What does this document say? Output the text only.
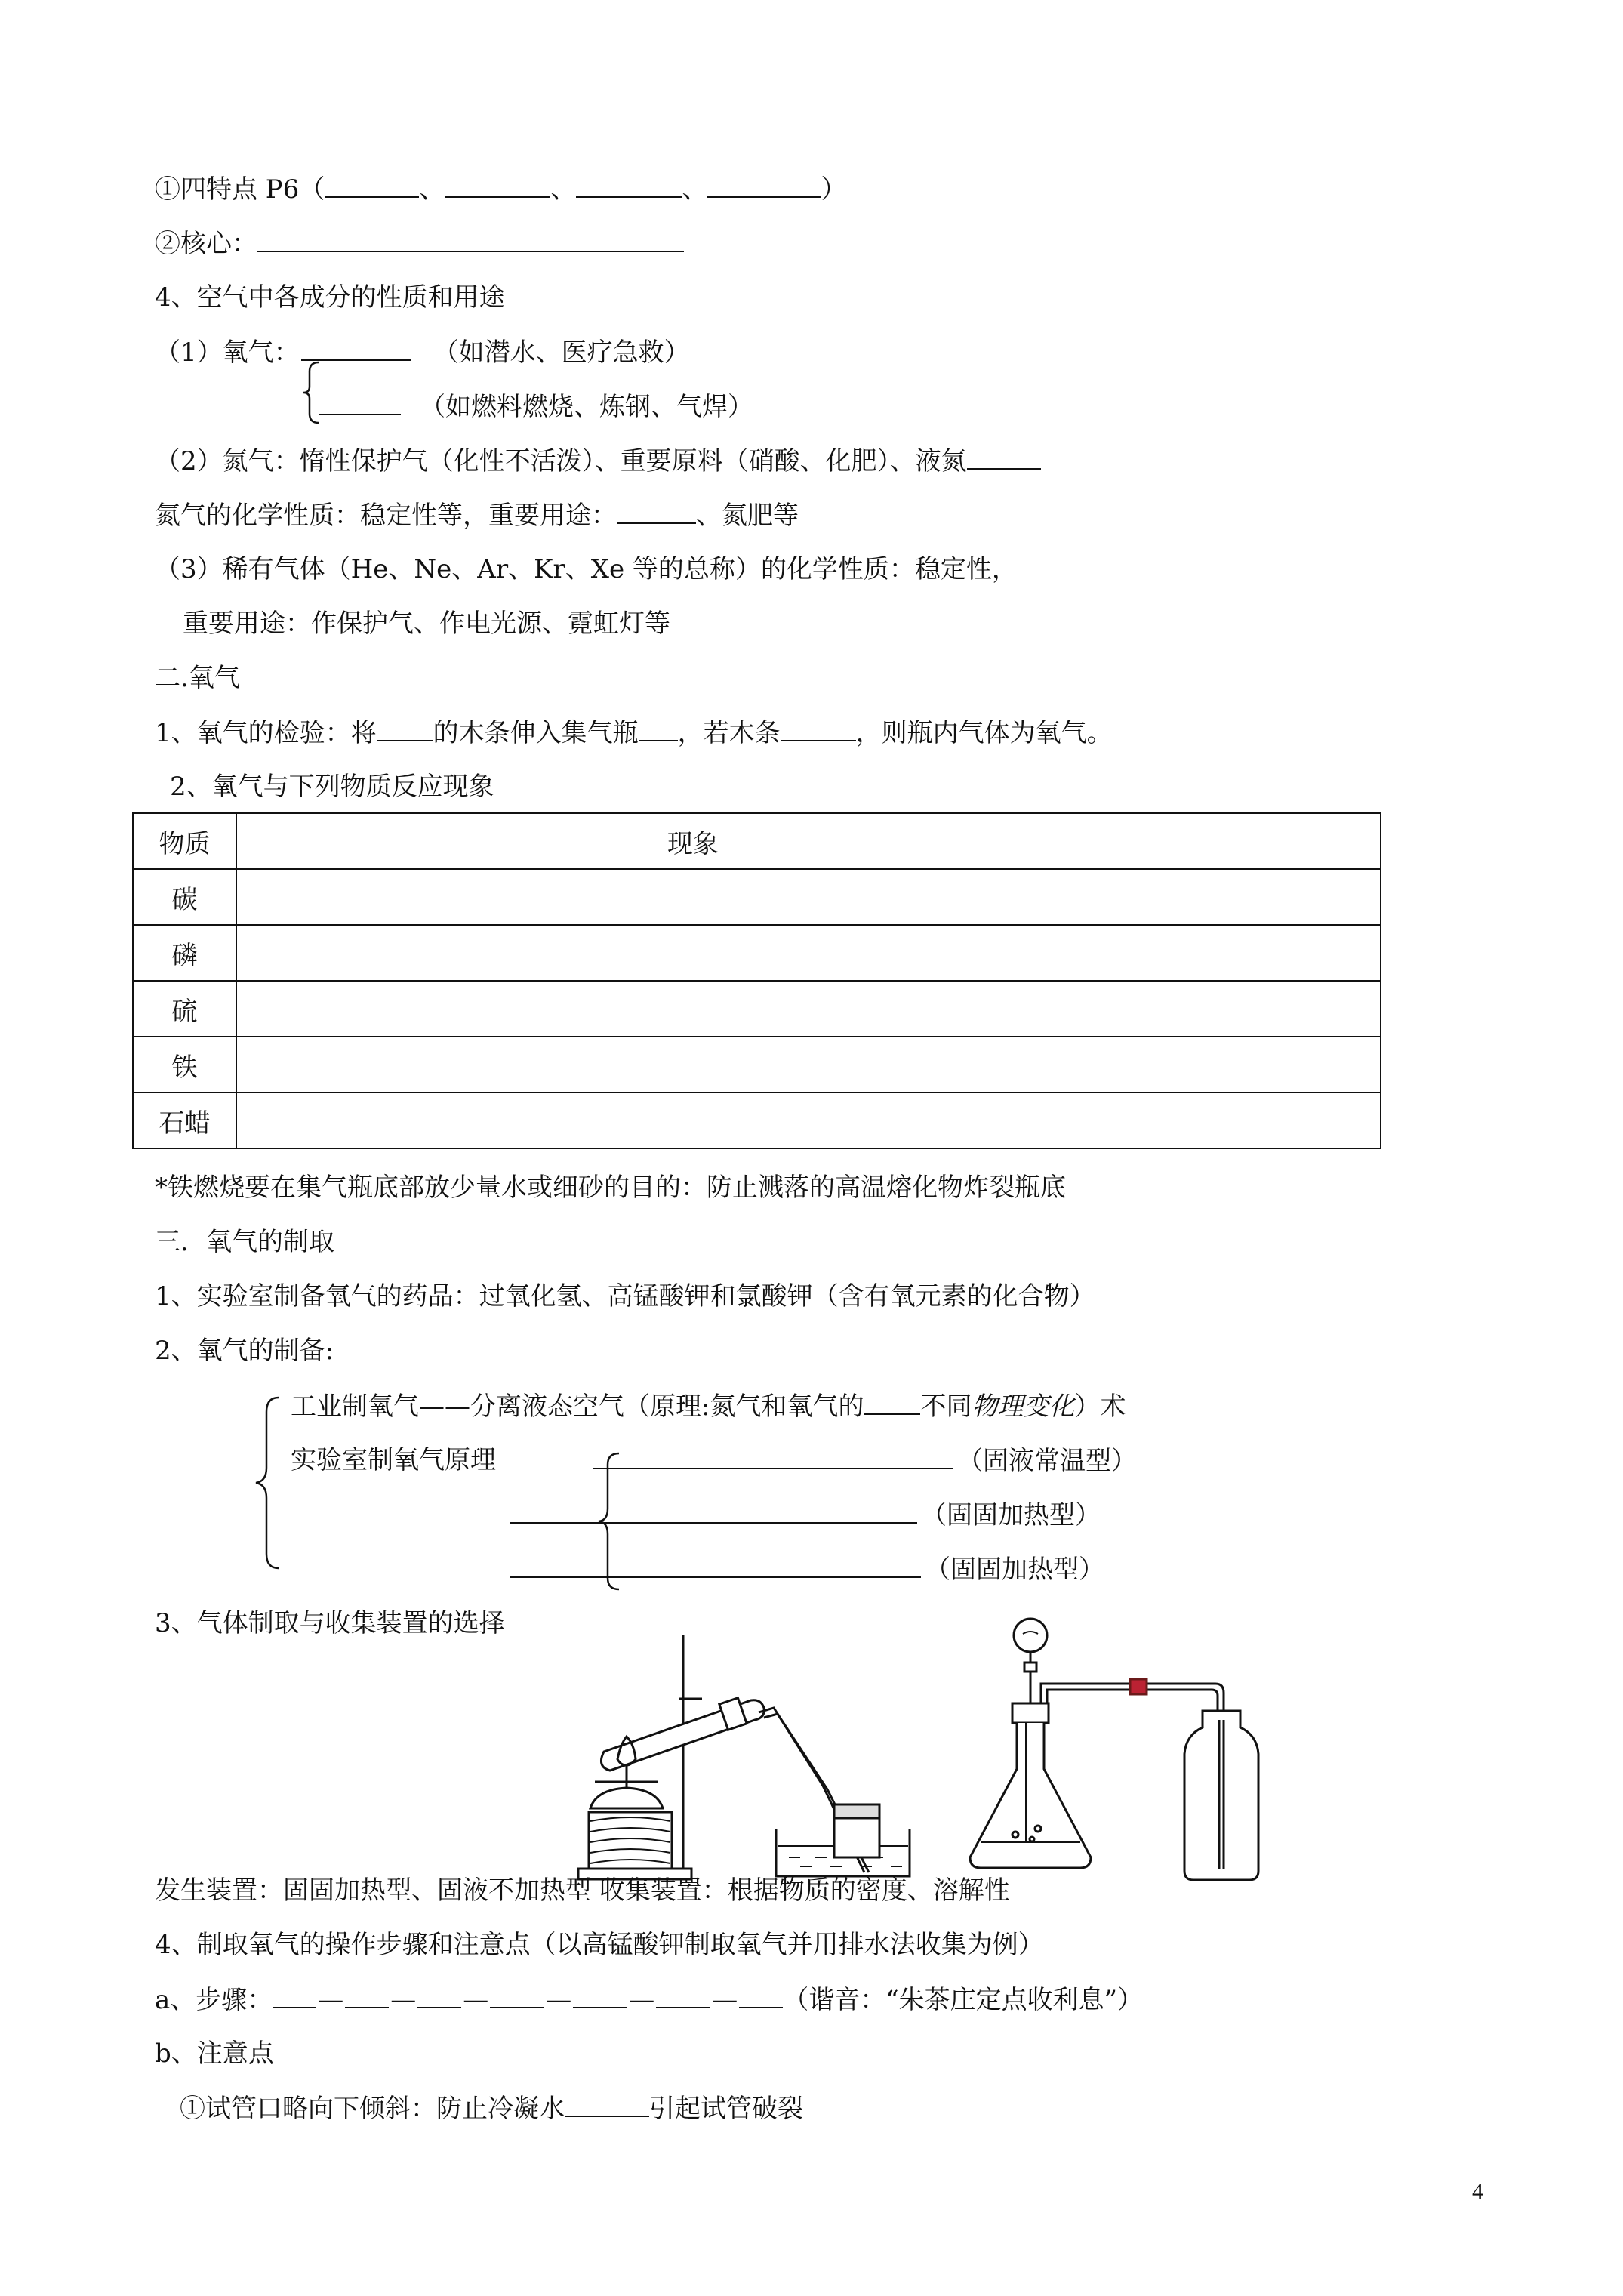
①四特点 P6（	、	、	、	）
②核心：
4、空气中各成分的性质和用途
（1）氧气：	（如潜水、医疗急救）
（如燃料燃烧、炼钢、气焊）
（2）氮气：惰性保护气（化性不活泼）、重要原料（硝酸、化肥）、液氮
氮气的化学性质：稳定性等，重要用途：	、氮肥等
（3）稀有气体（He、Ne、Ar、Kr、Xe 等的总称）的化学性质：稳定性，
重要用途：作保护气、作电光源、霓虹灯等
二.氧气
1、氧气的检验：将 的木条伸入集气瓶 ，若木条	，则瓶内气体为氧气。
2、氧气与下列物质反应现象
物质	现象
碳	
磷	
硫	
铁	
石蜡	
*铁燃烧要在集气瓶底部放少量水或细砂的目的：防止溅落的高温熔化物炸裂瓶底
三．氧气的制取
1、实验室制备氧气的药品：过氧化氢、高锰酸钾和氯酸钾（含有氧元素的化合物）
2、氧气的制备:
工业制氧气——分离液态空气（原理:氮气和氧气的 不同物理变化）术
实验室制氧气原理	（固液常温型）
（固固加热型）
（固固加热型）
3、气体制取与收集装置的选择
发生装置：固固加热型、固液不加热型 收集装置：根据物质的密度、溶解性
4、制取氧气的操作步骤和注意点（以高锰酸钾制取氧气并用排水法收集为例）
a、步骤： — — — — — — （谐音：“朱茶庄定点收利息”）
b、注意点
①试管口略向下倾斜：防止冷凝水	引起试管破裂
4
